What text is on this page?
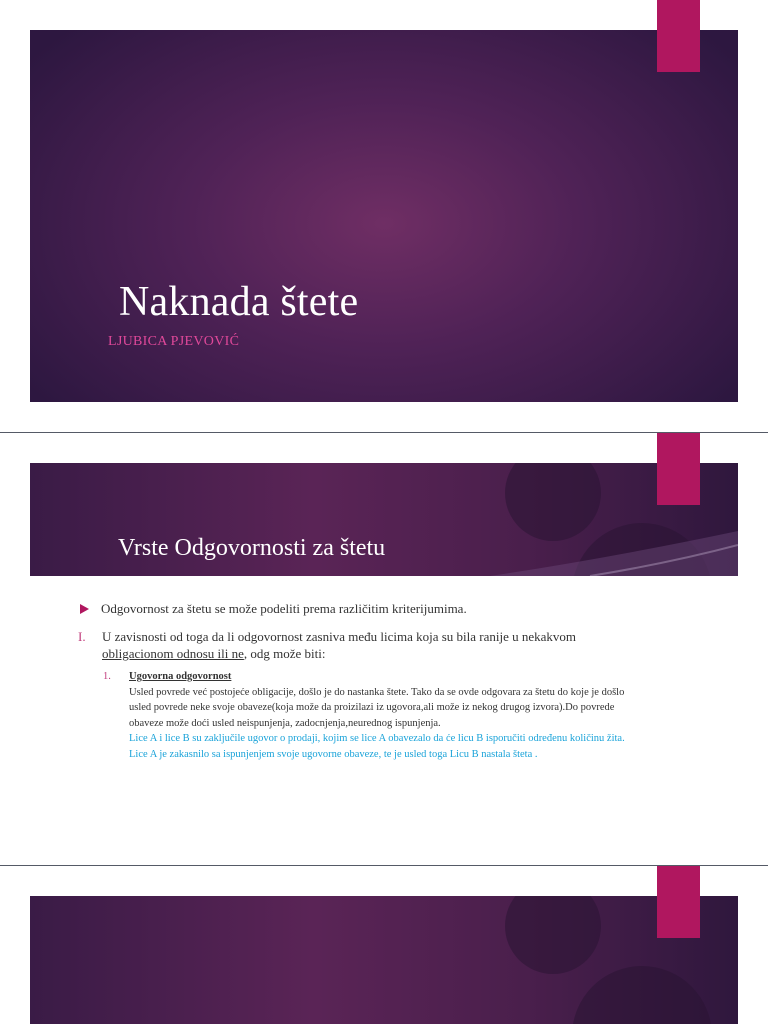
Naknada štete
LJUBICA PJEVOVIĆ
Vrste Odgovornosti za štetu
Odgovornost za štetu se može podeliti prema različitim kriterijumima.
I. U zavisnosti od toga da li odgovornost zasniva među licima koja su bila ranije u nekakvom obligacionom odnosu ili ne, odg može biti:
1. Ugovorna odgovornost
Usled povrede već postojeće obligacije, došlo je do nastanka štete. Tako da se ovde odgovara za štetu do koje je došlo usled povrede neke svoje obaveze(koja može da proizilazi iz ugovora,ali može iz nekog drugog izvora).Do povrede obaveze može doći usled neispunjenja, zadocnjenja,neurednog ispunjenja.
Lice A i lice B su zaključile ugovor o prodaji, kojim se lice A obavezalo da će licu B isporučiti određenu količinu žita. Lice A je zakasnilo sa ispunjenjem svoje ugovorne obaveze, te je usled toga Licu B nastala šteta .
